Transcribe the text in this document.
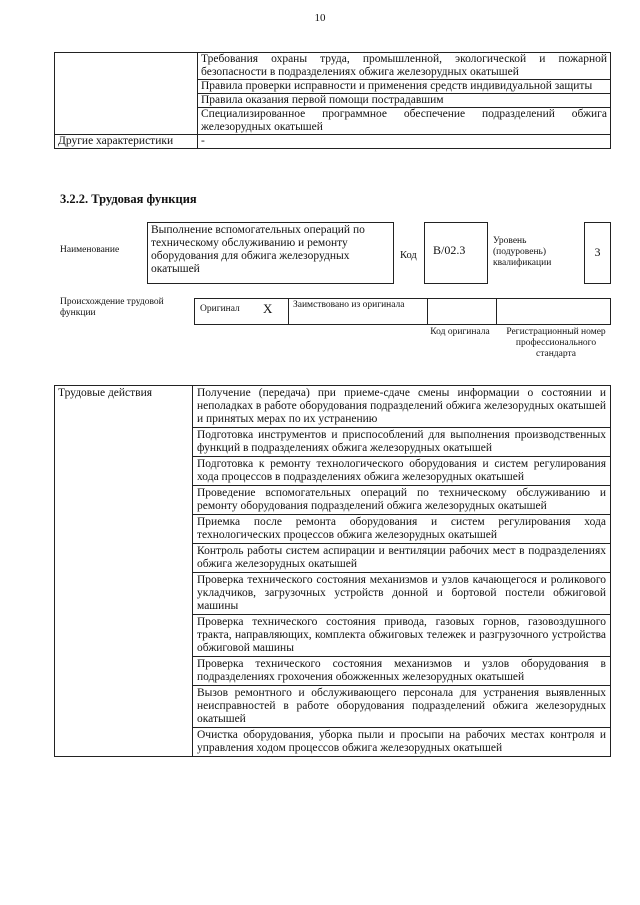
10
	Требования охраны труда, промышленной, экологической и пожарной безопасности в подразделениях обжига железорудных окатышей
	Правила проверки исправности и применения средств индивидуальной защиты
	Правила оказания первой помощи пострадавшим
	Специализированное программное обеспечение подразделений обжига железорудных окатышей
Другие характеристики	-
3.2.2. Трудовая функция
Наименование
Выполнение вспомогательных операций по техническому обслуживанию и ремонту оборудования для обжига железорудных окатышей
Код	B/02.3
Уровень (подуровень) квалификации
3
Происхождение трудовой функции	Оригинал X	Заимствовано из оригинала
Код оригинала	Регистрационный номер профессионального стандарта
Трудовые действия	Получение (передача) при приеме-сдаче смены информации о состоянии и неполадках в работе оборудования подразделений обжига железорудных окатышей и принятых мерах по их устранению
Подготовка инструментов и приспособлений для выполнения производственных функций в подразделениях обжига железорудных окатышей
Подготовка к ремонту технологического оборудования и систем регулирования хода процессов в подразделениях обжига железорудных окатышей
Проведение вспомогательных операций по техническому обслуживанию и ремонту оборудования подразделений обжига железорудных окатышей
Приемка после ремонта оборудования и систем регулирования хода технологических процессов обжига железорудных окатышей
Контроль работы систем аспирации и вентиляции рабочих мест в подразделениях обжига железорудных окатышей
Проверка технического состояния механизмов и узлов качающегося и роликового укладчиков, загрузочных устройств донной и бортовой постели обжиговой машины
Проверка технического состояния привода, газовых горнов, газовоздушного тракта, направляющих, комплекта обжиговых тележек и разгрузочного устройства обжиговой машины
Проверка технического состояния механизмов и узлов оборудования в подразделениях грохочения обожженных железорудных окатышей
Вызов ремонтного и обслуживающего персонала для устранения выявленных неисправностей в работе оборудования подразделений обжига железорудных окатышей
Очистка оборудования, уборка пыли и просыпи на рабочих местах контроля и управления ходом процессов обжига железорудных окатышей
